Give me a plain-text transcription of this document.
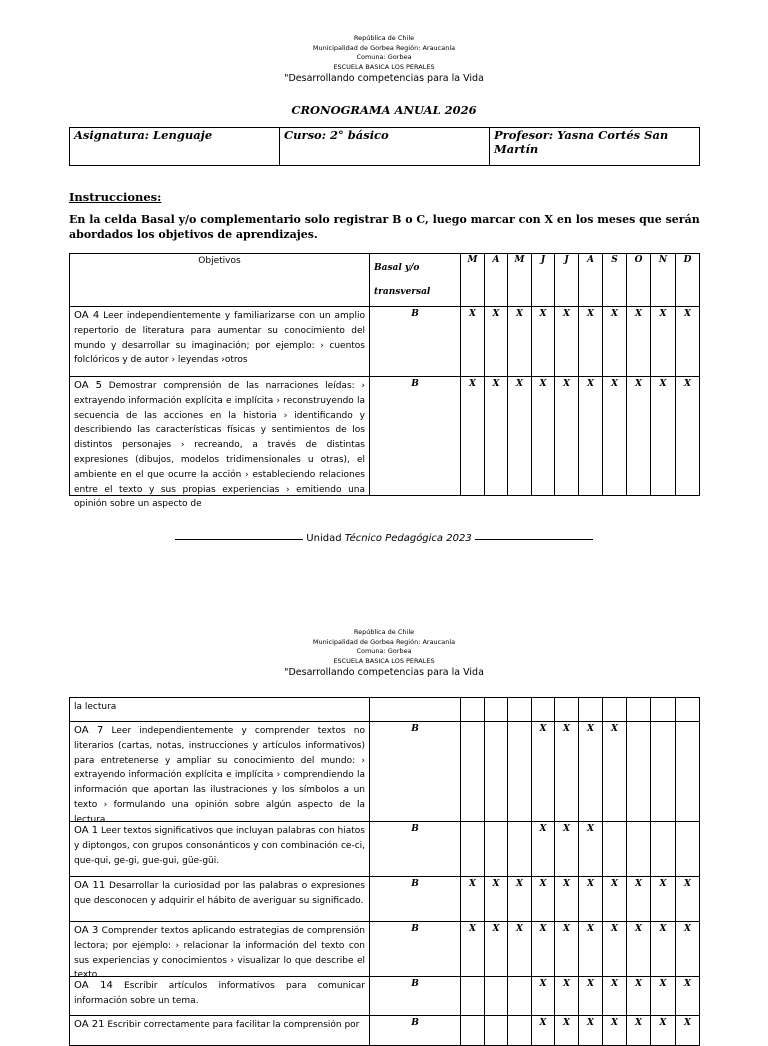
República de Chile
Municipalidad de Gorbea Región: Araucanía
Comuna: Gorbea
ESCUELA BASICA LOS PERALES
"Desarrollando competencias para la Vida
CRONOGRAMA ANUAL 2026
Asignatura: Lenguaje	Curso: 2° básico	Profesor: Yasna Cortés San Martín
Instrucciones:
En la celda Basal y/o complementario solo registrar B o C, luego marcar con X en los meses que serán abordados los objetivos de aprendizajes.
Objetivos	Basal y/o transversal	M	A	M	J	J	A	S	O	N	D

OA 4 Leer independientemente y familiarizarse con un amplio repertorio de literatura para aumentar su conocimiento del mundo y desarrollar su imaginación; por ejemplo: › cuentos folclóricos y de autor › leyendas ›otros	B	X	X	X	X	X	X	X	X	X	X

OA 5 Demostrar comprensión de las narraciones leídas: › extrayendo información explícita e implícita › reconstruyendo la secuencia de las acciones en la historia › identificando y describiendo las características físicas y sentimientos de los distintos personajes › recreando, a través de distintas expresiones (dibujos, modelos tridimensionales u otras), el ambiente en el que ocurre la acción › estableciendo relaciones entre el texto y sus propias experiencias › emitiendo una opinión sobre un aspecto de	B	X	X	X	X	X	X	X	X	X	X
Unidad Técnico Pedagógica 2023
República de Chile
Municipalidad de Gorbea Región: Araucanía
Comuna: Gorbea
ESCUELA BASICA LOS PERALES
"Desarrollando competencias para la Vida
la lectura											

OA 7 Leer independientemente y comprender textos no literarios (cartas, notas, instrucciones y artículos informativos) para entretenerse y ampliar su conocimiento del mundo: › extrayendo información explícita e implícita › comprendiendo la información que aportan las ilustraciones y los símbolos a un texto › formulando una opinión sobre algún aspecto de la lectura	B				X	X	X	X			

OA 1 Leer textos significativos que incluyan palabras con hiatos y diptongos, con grupos consonánticos y con combinación ce-ci, que-qui, ge-gi, gue-gui, güe-güi.	B				X	X	X				

OA 11 Desarrollar la curiosidad por las palabras o expresiones que desconocen y adquirir el hábito de averiguar su significado.	B	X	X	X	X	X	X	X	X	X	X

OA 3 Comprender textos aplicando estrategias de comprensión lectora; por ejemplo: › relacionar la información del texto con sus experiencias y conocimientos › visualizar lo que describe el texto	B	X	X	X	X	X	X	X	X	X	X

OA 14 Escribir artículos informativos para comunicar información sobre un tema.	B				X	X	X	X	X	X	X

OA 21 Escribir correctamente para facilitar la comprensión por	B				X	X	X	X	X	X	X
